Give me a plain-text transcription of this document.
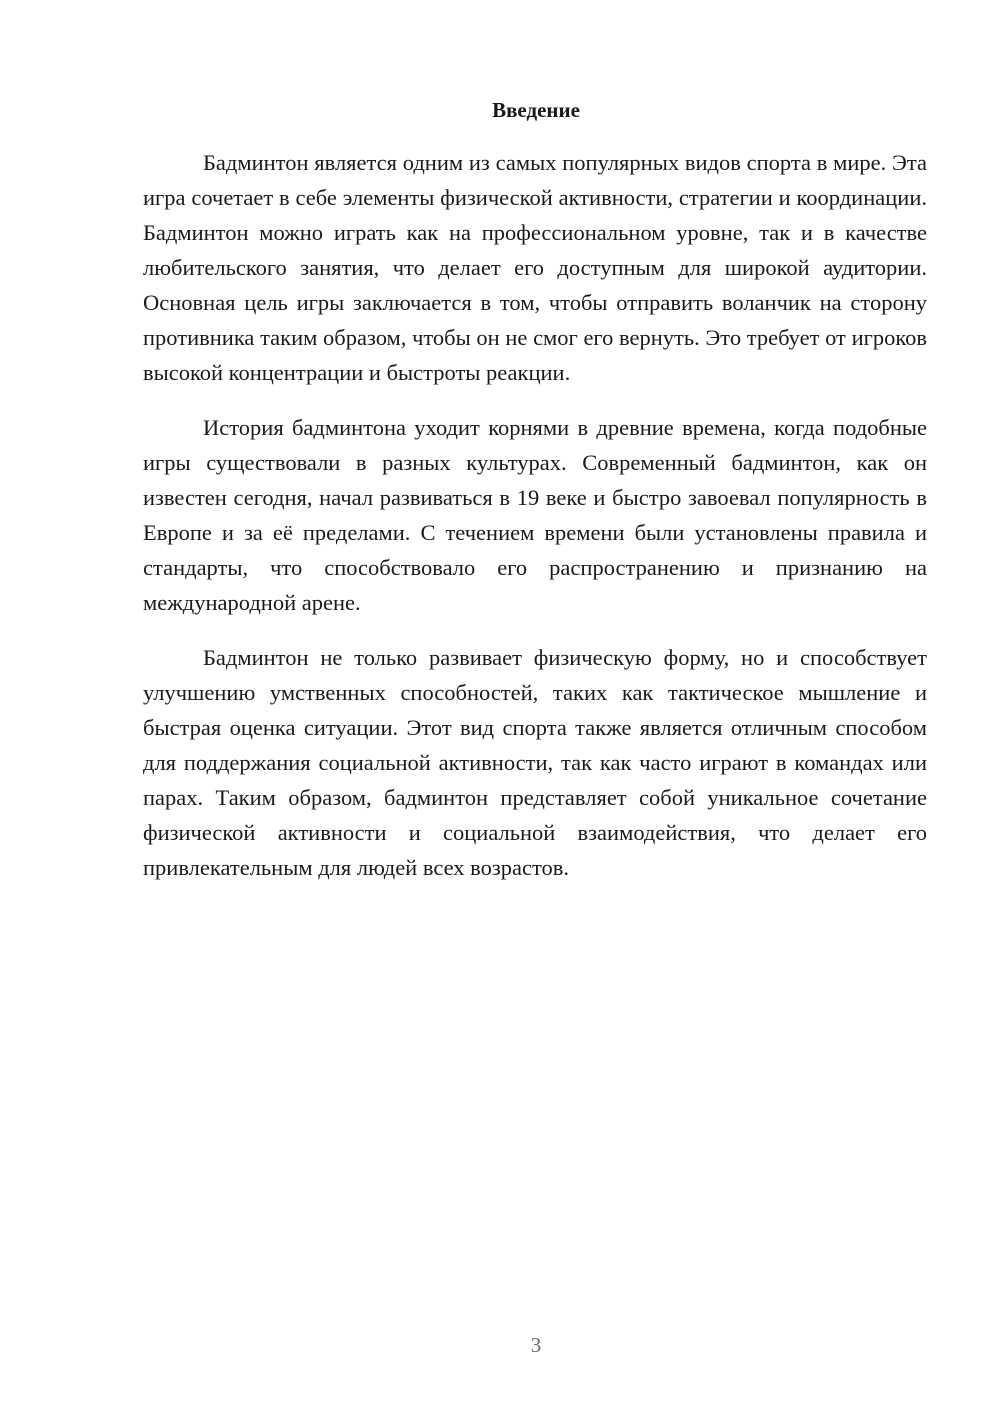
Введение

Бадминтон является одним из самых популярных видов спорта в мире. Эта игра сочетает в себе элементы физической активности, стратегии и координации. Бадминтон можно играть как на профессиональном уровне, так и в качестве любительского занятия, что делает его доступным для широкой аудитории. Основная цель игры заключается в том, чтобы отправить воланчик на сторону противника таким образом, чтобы он не смог его вернуть. Это требует от игроков высокой концентрации и быстроты реакции.

История бадминтона уходит корнями в древние времена, когда подобные игры существовали в разных культурах. Современный бадминтон, как он известен сегодня, начал развиваться в 19 веке и быстро завоевал популярность в Европе и за её пределами. С течением времени были установлены правила и стандарты, что способствовало его распространению и признанию на международной арене.

Бадминтон не только развивает физическую форму, но и способствует улучшению умственных способностей, таких как тактическое мышление и быстрая оценка ситуации. Этот вид спорта также является отличным способом для поддержания социальной активности, так как часто играют в командах или парах. Таким образом, бадминтон представляет собой уникальное сочетание физической активности и социальной взаимодействия, что делает его привлекательным для людей всех возрастов.

3
